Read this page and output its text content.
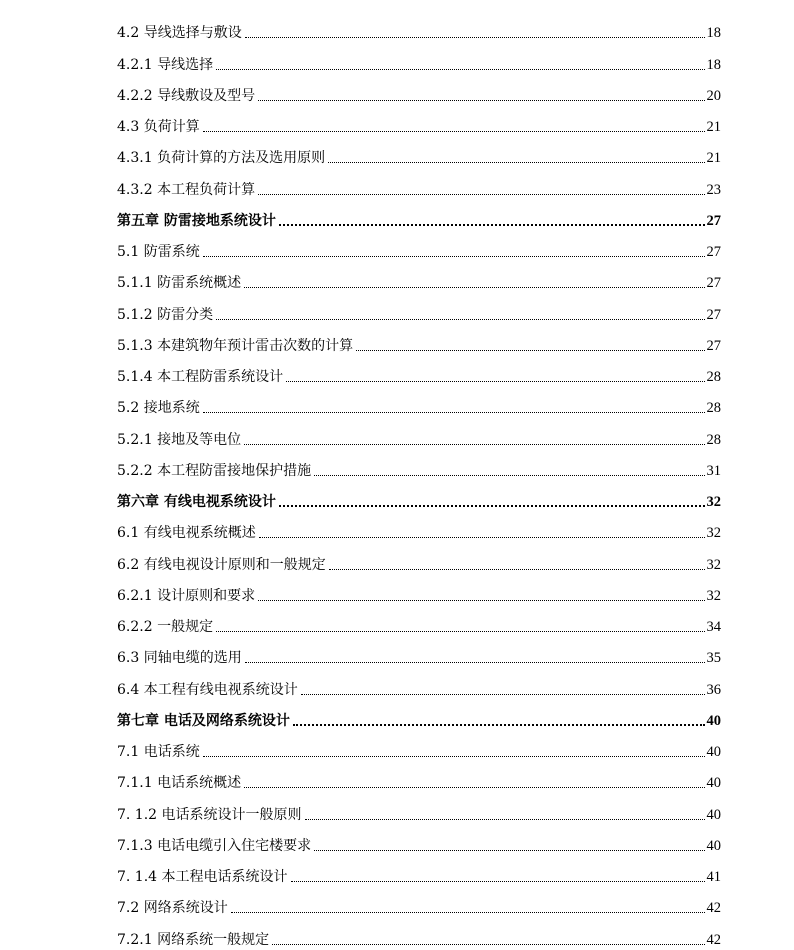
4.2 导线选择与敷设	18
4.2.1 导线选择	18
4.2.2 导线敷设及型号	20
4.3 负荷计算	21
4.3.1 负荷计算的方法及选用原则	21
4.3.2 本工程负荷计算	23
第五章 防雷接地系统设计	27
5.1 防雷系统	27
5.1.1 防雷系统概述	27
5.1.2 防雷分类	27
5.1.3 本建筑物年预计雷击次数的计算	27
5.1.4 本工程防雷系统设计	28
5.2 接地系统	28
5.2.1 接地及等电位	28
5.2.2 本工程防雷接地保护措施	31
第六章 有线电视系统设计	32
6.1 有线电视系统概述	32
6.2 有线电视设计原则和一般规定	32
6.2.1 设计原则和要求	32
6.2.2 一般规定	34
6.3 同轴电缆的选用	35
6.4 本工程有线电视系统设计	36
第七章 电话及网络系统设计	40
7.1 电话系统	40
7.1.1 电话系统概述	40
7. 1.2 电话系统设计一般原则	40
7.1.3 电话电缆引入住宅楼要求	40
7. 1.4 本工程电话系统设计	41
7.2 网络系统设计	42
7.2.1 网络系统一般规定	42
